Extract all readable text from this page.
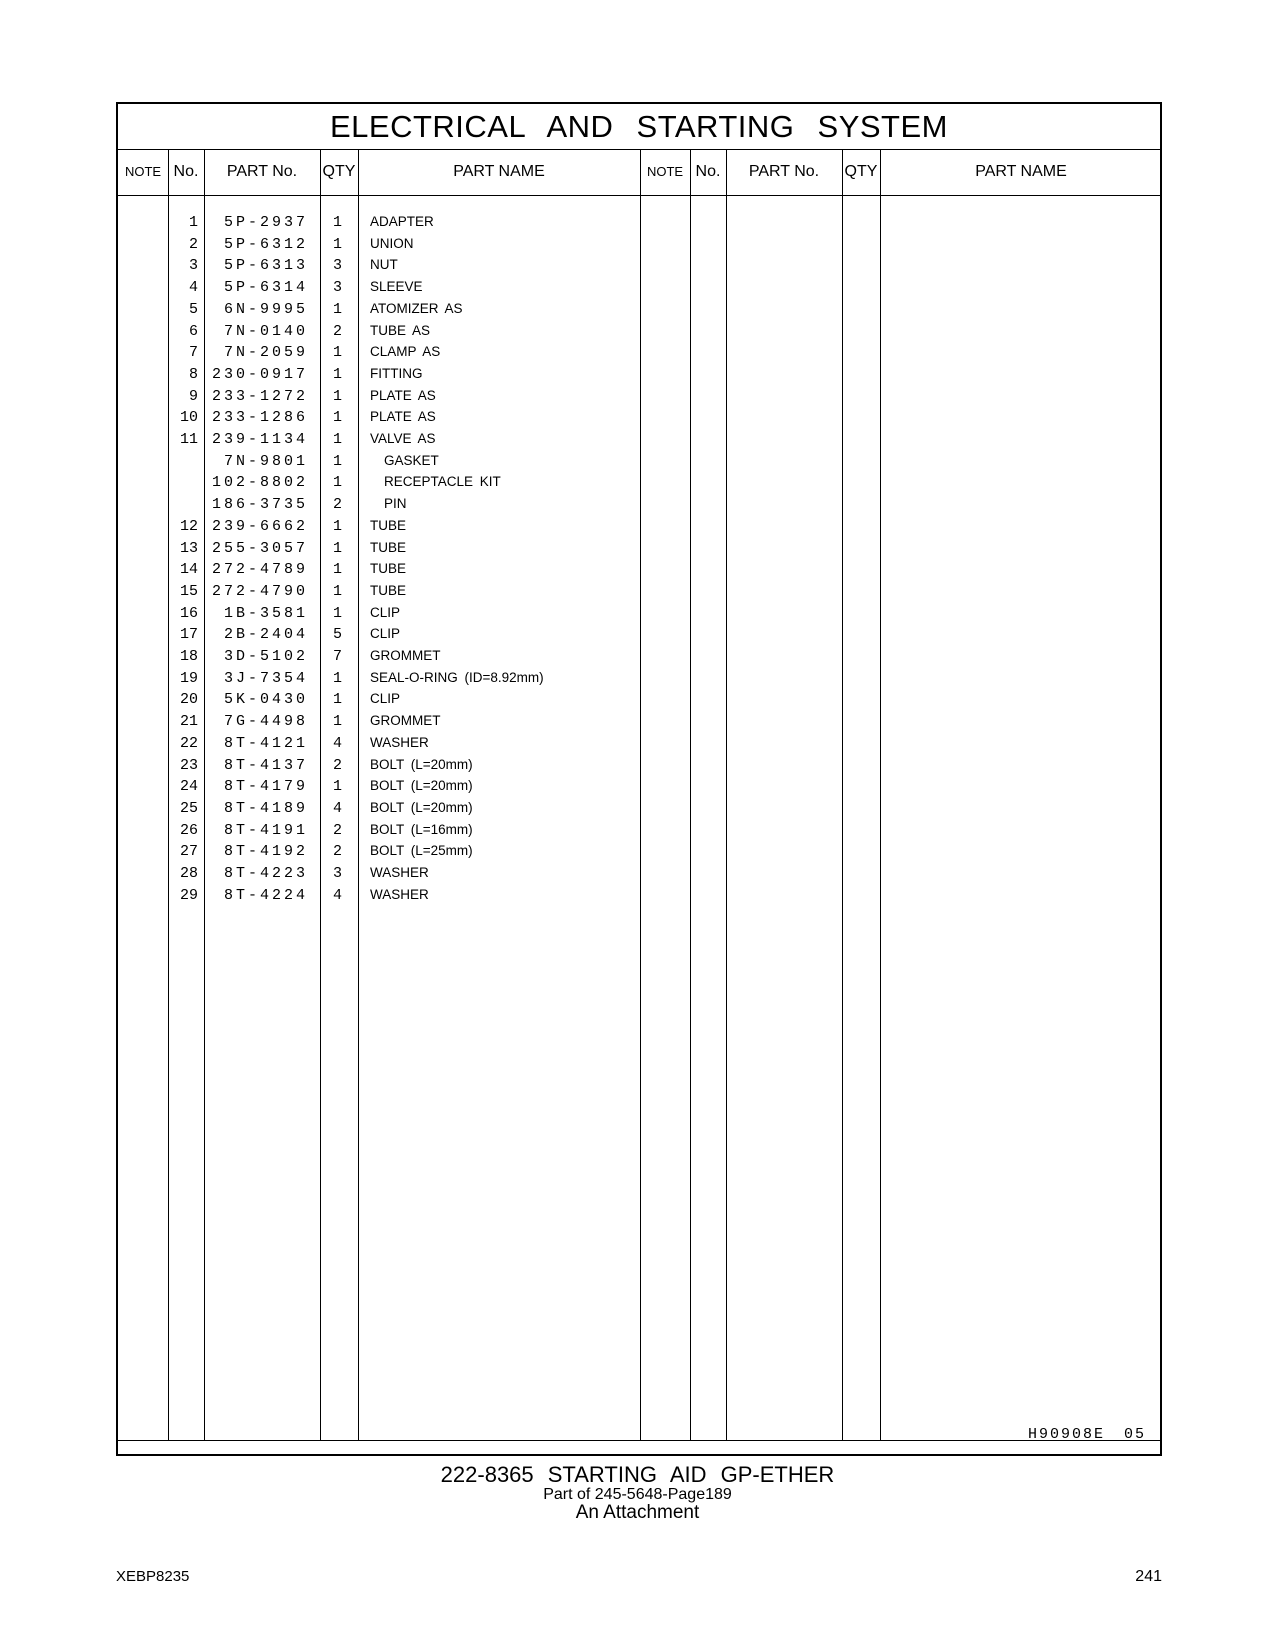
ELECTRICAL AND STARTING SYSTEM
NOTE No.	PART No.	QTY	PART NAME	NOTE No.	PART No.	QTY	PART NAME
1	5P-2937	1 ADAPTER
2	5P-6312	1 UNION
3	5P-6313	3 NUT
4	5P-6314	3 SLEEVE
5	6N-9995	1 ATOMIZER AS
6	7N-0140	2 TUBE AS
7	7N-2059	1 CLAMP AS
8 230-0917	1 FITTING
9 233-1272	1 PLATE AS
10 233-1286	1 PLATE AS
11 239-1134	1 VALVE AS
7N-9801	1	GASKET
102-8802	1	RECEPTACLE KIT
186-3735	2	PIN
12 239-6662	1 TUBE
13 255-3057	1 TUBE
14 272-4789	1 TUBE
15 272-4790	1 TUBE
16	1B-3581	1 CLIP
17	2B-2404	5 CLIP
18	3D-5102	7 GROMMET
19	3J-7354	1 SEAL-O-RING (ID=8.92mm)
20	5K-0430	1 CLIP
21	7G-4498	1 GROMMET
22	8T-4121	4 WASHER
23	8T-4137	2 BOLT (L=20mm)
24	8T-4179	1 BOLT (L=20mm)
25	8T-4189	4 BOLT (L=20mm)
26	8T-4191	2 BOLT (L=16mm)
27	8T-4192	2 BOLT (L=25mm)
28	8T-4223	3 WASHER
29	8T-4224	4 WASHER
H90908E 05
222-8365 STARTING AID GP-ETHER
Part of 245-5648-Page189
An Attachment
XEBP8235	241
